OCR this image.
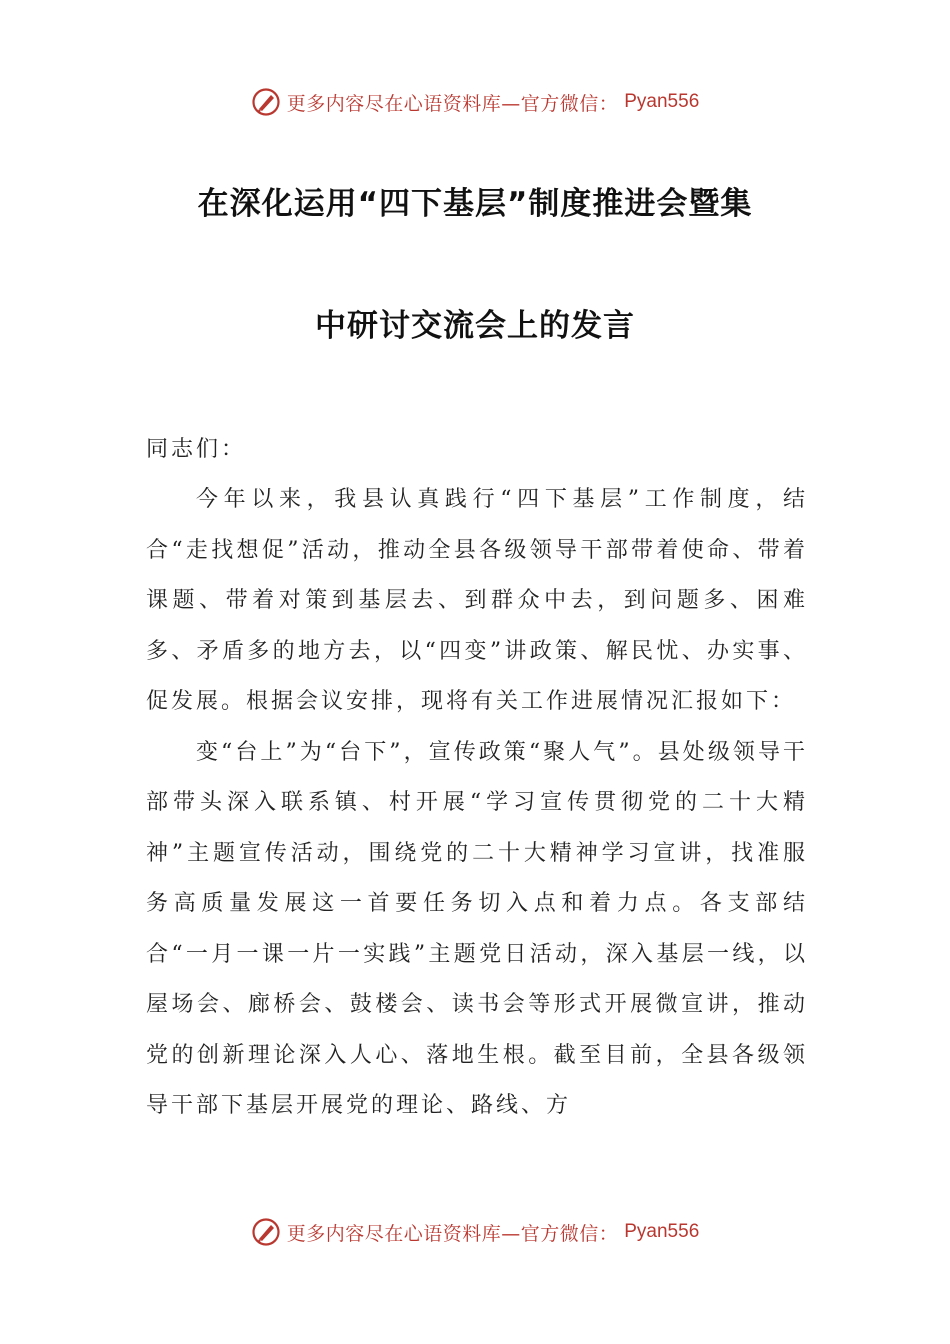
更多内容尽在心语资料库—官方微信： Pyan556
在深化运用“四下基层”制度推进会暨集
中研讨交流会上的发言
同志们：

今年以来，我县认真践行“四下基层”工作制度，结合“走找想促”活动，推动全县各级领导干部带着使命、带着课题、带着对策到基层去、到群众中去，到问题多、困难多、矛盾多的地方去，以“四变”讲政策、解民忧、办实事、促发展。根据会议安排，现将有关工作进展情况汇报如下：

变“台上”为“台下”，宣传政策“聚人气”。县处级领导干部带头深入联系镇、村开展“学习宣传贯彻党的二十大精神”主题宣传活动，围绕党的二十大精神学习宣讲，找准服务高质量发展这一首要任务切入点和着力点。各支部结合“一月一课一片一实践”主题党日活动，深入基层一线，以屋场会、廊桥会、鼓楼会、读书会等形式开展微宣讲，推动党的创新理论深入人心、落地生根。截至目前，全县各级领导干部下基层开展党的理论、路线、方

更多内容尽在心语资料库—官方微信： Pyan556
